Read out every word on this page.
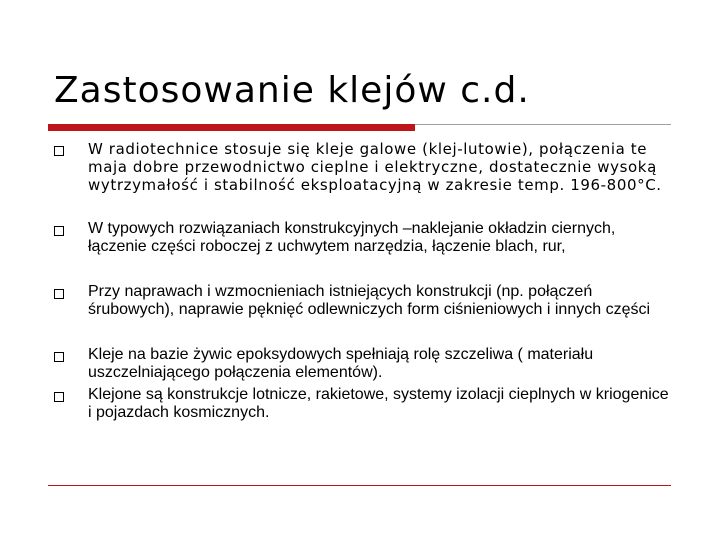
Zastosowanie klejów c.d.
W radiotechnice stosuje się kleje galowe (klej-lutowie), połączenia te maja dobre przewodnictwo cieplne i elektryczne, dostatecznie wysoką wytrzymałość i stabilność eksploatacyjną w zakresie temp. 196-800°C.
W typowych rozwiązaniach konstrukcyjnych –naklejanie okładzin ciernych, łączenie części roboczej z uchwytem narzędzia, łączenie blach, rur,
Przy naprawach i wzmocnieniach istniejących konstrukcji (np. połączeń śrubowych), naprawie pęknięć odlewniczych form ciśnieniowych i innych części
Kleje na bazie żywic epoksydowych spełniają rolę szczeliwa ( materiału uszczelniającego połączenia elementów).
Klejone są konstrukcje lotnicze, rakietowe, systemy izolacji cieplnych w kriogenice i pojazdach kosmicznych.
